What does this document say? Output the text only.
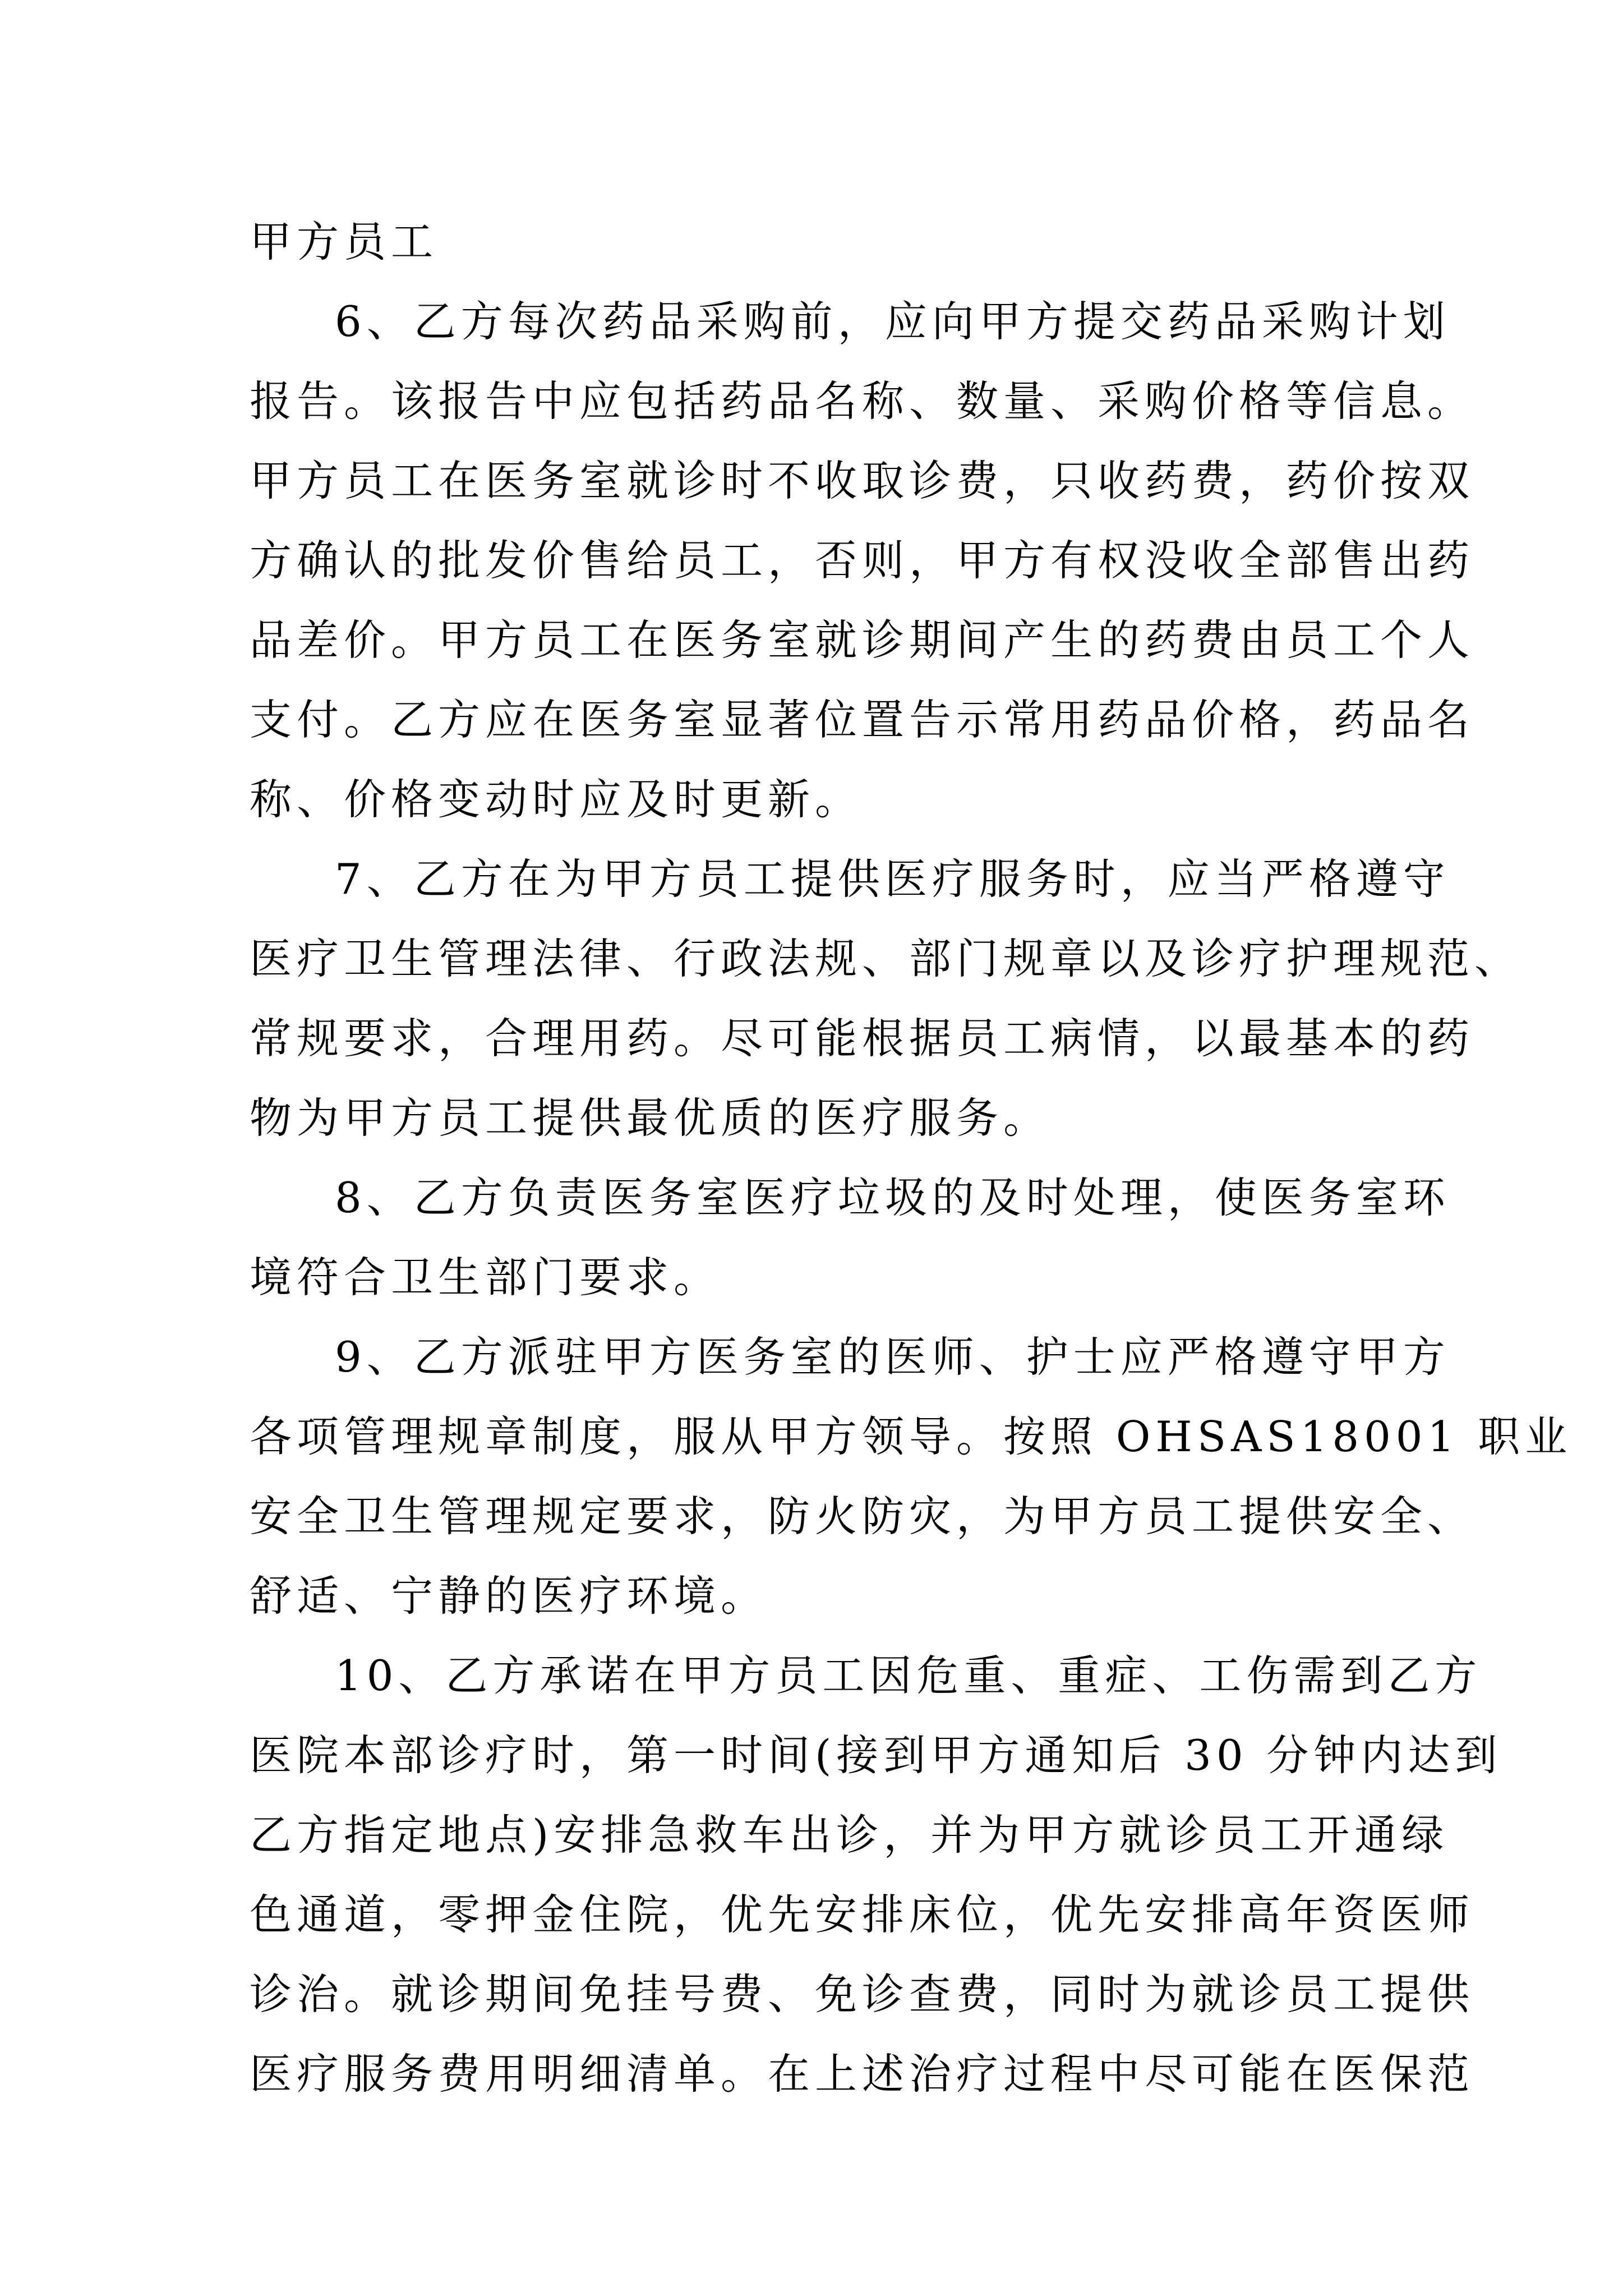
甲方员工
6、乙方每次药品采购前，应向甲方提交药品采购计划
报告。该报告中应包括药品名称、数量、采购价格等信息。
甲方员工在医务室就诊时不收取诊费，只收药费，药价按双
方确认的批发价售给员工，否则，甲方有权没收全部售出药
品差价。甲方员工在医务室就诊期间产生的药费由员工个人
支付。乙方应在医务室显著位置告示常用药品价格，药品名
称、价格变动时应及时更新。
7、乙方在为甲方员工提供医疗服务时，应当严格遵守
医疗卫生管理法律、行政法规、部门规章以及诊疗护理规范、
常规要求，合理用药。尽可能根据员工病情，以最基本的药
物为甲方员工提供最优质的医疗服务。
8、乙方负责医务室医疗垃圾的及时处理，使医务室环
境符合卫生部门要求。
9、乙方派驻甲方医务室的医师、护士应严格遵守甲方
各项管理规章制度，服从甲方领导。按照 OHSAS18001 职业
安全卫生管理规定要求，防火防灾，为甲方员工提供安全、
舒适、宁静的医疗环境。
10、乙方承诺在甲方员工因危重、重症、工伤需到乙方
医院本部诊疗时，第一时间(接到甲方通知后 30 分钟内达到
乙方指定地点)安排急救车出诊，并为甲方就诊员工开通绿
色通道，零押金住院，优先安排床位，优先安排高年资医师
诊治。就诊期间免挂号费、免诊查费，同时为就诊员工提供
医疗服务费用明细清单。在上述治疗过程中尽可能在医保范
